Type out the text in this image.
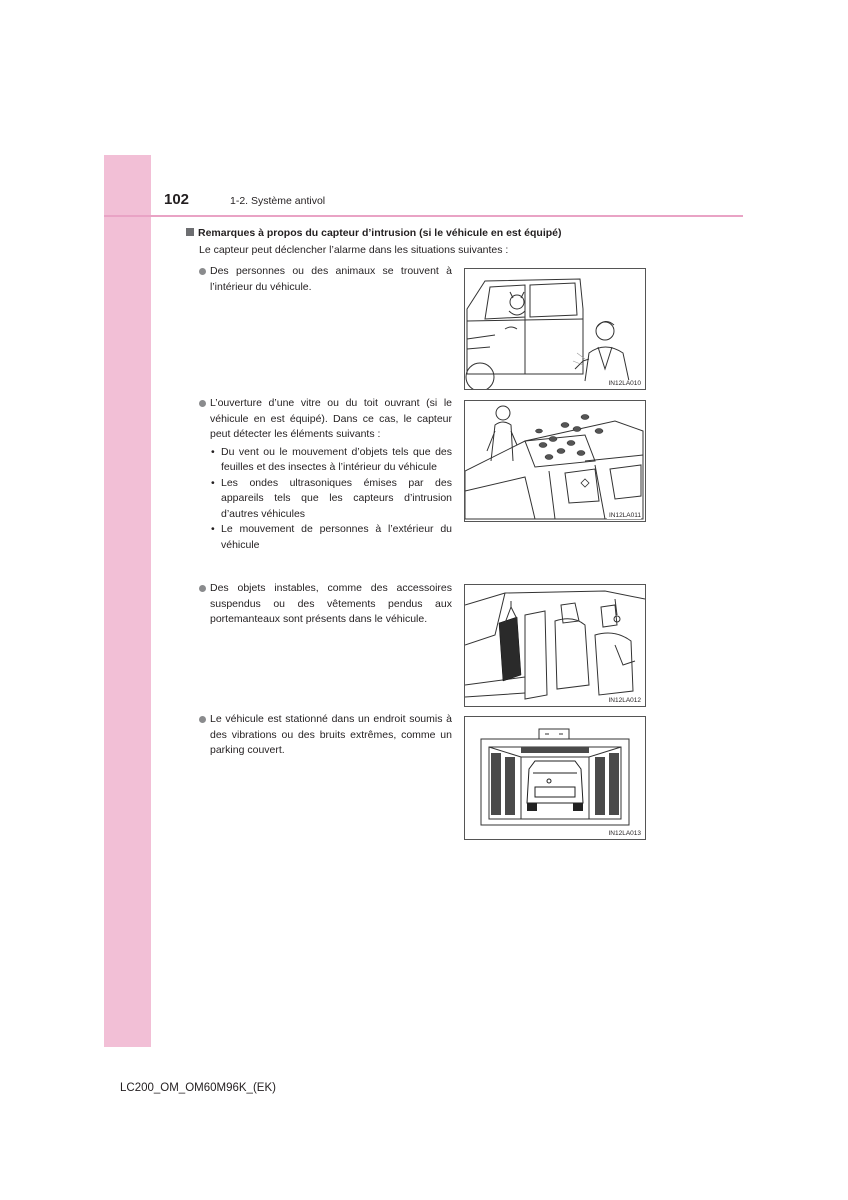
102	1-2. Système antivol
Remarques à propos du capteur d’intrusion (si le véhicule en est équipé)
Le capteur peut déclencher l’alarme dans les situations suivantes :
Des personnes ou des animaux se trouvent à l’intérieur du véhicule.
IN12LA010
L’ouverture d’une vitre ou du toit ouvrant (si le véhicule en est équipé). Dans ce cas, le capteur peut détecter les éléments suivants :
• Du vent ou le mouvement d’objets tels que des feuilles et des insectes à l’intérieur du véhicule
• Les ondes ultrasoniques émises par des appareils tels que les capteurs d’intrusion d’autres véhicules
• Le mouvement de personnes à l’extérieur du véhicule
IN12LA011
Des objets instables, comme des accessoires suspendus ou des vêtements pendus aux portemanteaux sont présents dans le véhicule.
IN12LA012
Le véhicule est stationné dans un endroit soumis à des vibrations ou des bruits extrêmes, comme un parking couvert.
IN12LA013
LC200_OM_OM60M96K_(EK)
